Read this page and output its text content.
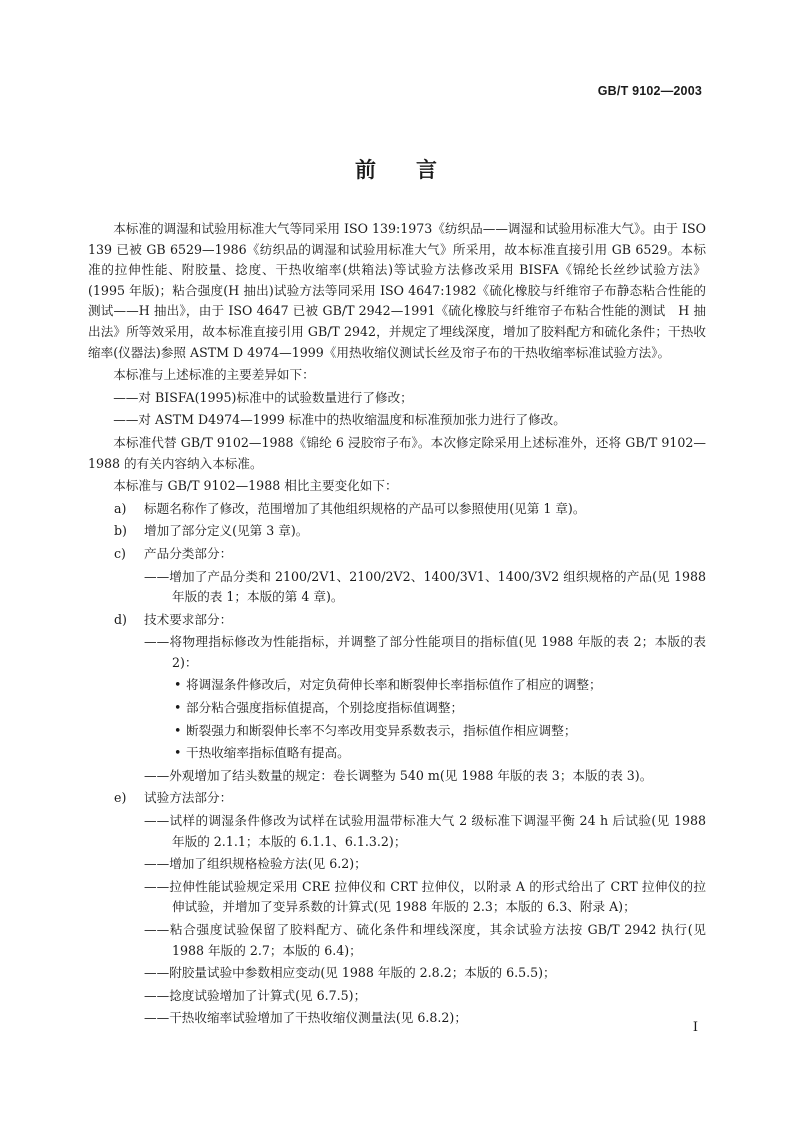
GB/T 9102—2003
前 言

本标准的调湿和试验用标准大气等同采用 ISO 139:1973《纺织品——调湿和试验用标准大气》。由于 ISO 139 已被 GB 6529—1986《纺织品的调湿和试验用标准大气》所采用，故本标准直接引用 GB 6529。本标准的拉伸性能、附胶量、捻度、干热收缩率(烘箱法)等试验方法修改采用 BISFA《锦纶长丝纱试验方法》(1995 年版)；粘合强度(H 抽出)试验方法等同采用 ISO 4647:1982《硫化橡胶与纤维帘子布静态粘合性能的测试——H 抽出》，由于 ISO 4647 已被 GB/T 2942—1991《硫化橡胶与纤维帘子布粘合性能的测试　H 抽出法》所等效采用，故本标准直接引用 GB/T 2942，并规定了埋线深度，增加了胶料配方和硫化条件；干热收缩率(仪器法)参照 ASTM D 4974—1999《用热收缩仪测试长丝及帘子布的干热收缩率标准试验方法》。

本标准与上述标准的主要差异如下：

——对 BISFA(1995)标准中的试验数量进行了修改；

——对 ASTM D4974—1999 标准中的热收缩温度和标准预加张力进行了修改。

本标准代替 GB/T 9102—1988《锦纶 6 浸胶帘子布》。本次修定除采用上述标准外，还将 GB/T 9102—1988 的有关内容纳入本标准。

本标准与 GB/T 9102—1988 相比主要变化如下：

a) 标题名称作了修改，范围增加了其他组织规格的产品可以参照使用(见第 1 章)。
b) 增加了部分定义(见第 3 章)。
c) 产品分类部分：
——增加了产品分类和 2100/2V1、2100/2V2、1400/3V1、1400/3V2 组织规格的产品(见 1988 年版的表 1；本版的第 4 章)。
d) 技术要求部分：
——将物理指标修改为性能指标，并调整了部分性能项目的指标值(见 1988 年版的表 2；本版的表 2)：
• 将调湿条件修改后，对定负荷伸长率和断裂伸长率指标值作了相应的调整；
• 部分粘合强度指标值提高，个别捻度指标值调整；
• 断裂强力和断裂伸长率不匀率改用变异系数表示，指标值作相应调整；
• 干热收缩率指标值略有提高。
——外观增加了结头数量的规定：卷长调整为 540 m(见 1988 年版的表 3；本版的表 3)。
e) 试验方法部分：
——试样的调湿条件修改为试样在试验用温带标准大气 2 级标准下调湿平衡 24 h 后试验(见 1988 年版的 2.1.1；本版的 6.1.1、6.1.3.2)；
——增加了组织规格检验方法(见 6.2)；
——拉伸性能试验规定采用 CRE 拉伸仪和 CRT 拉伸仪，以附录 A 的形式给出了 CRT 拉伸仪的拉伸试验，并增加了变异系数的计算式(见 1988 年版的 2.3；本版的 6.3、附录 A)；
——粘合强度试验保留了胶料配方、硫化条件和埋线深度，其余试验方法按 GB/T 2942 执行(见 1988 年版的 2.7；本版的 6.4)；
——附胶量试验中参数相应变动(见 1988 年版的 2.8.2；本版的 6.5.5)；
——捻度试验增加了计算式(见 6.7.5)；
——干热收缩率试验增加了干热收缩仪测量法(见 6.8.2)；
I
